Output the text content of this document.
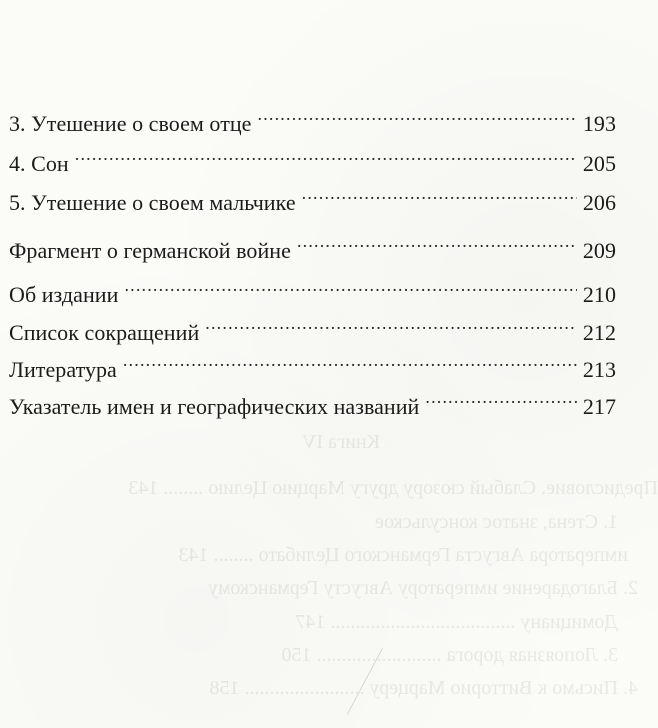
Предисловие. Слабый сюзору другу Марцию Целию ........ 143
1. Стена, знатос консульское
императора Августа Германского Целибато ........ 143
2. Благодарение императору Августу Германскому
Домициану ..................................... 147
3. Лопоязная дорога ......................... 150
4. Письмо к Витторио Марцеру ........................ 158
Книга IV
3. Утешение о своем отце .....	193
4. Сон .....	205
5. Утешение о своем мальчике .....	206
Фрагмент о германской войне .....	209
Об издании .....	210
Список сокращений .....	212
Литература .....	213
Указатель имен и географических названий .....	217
